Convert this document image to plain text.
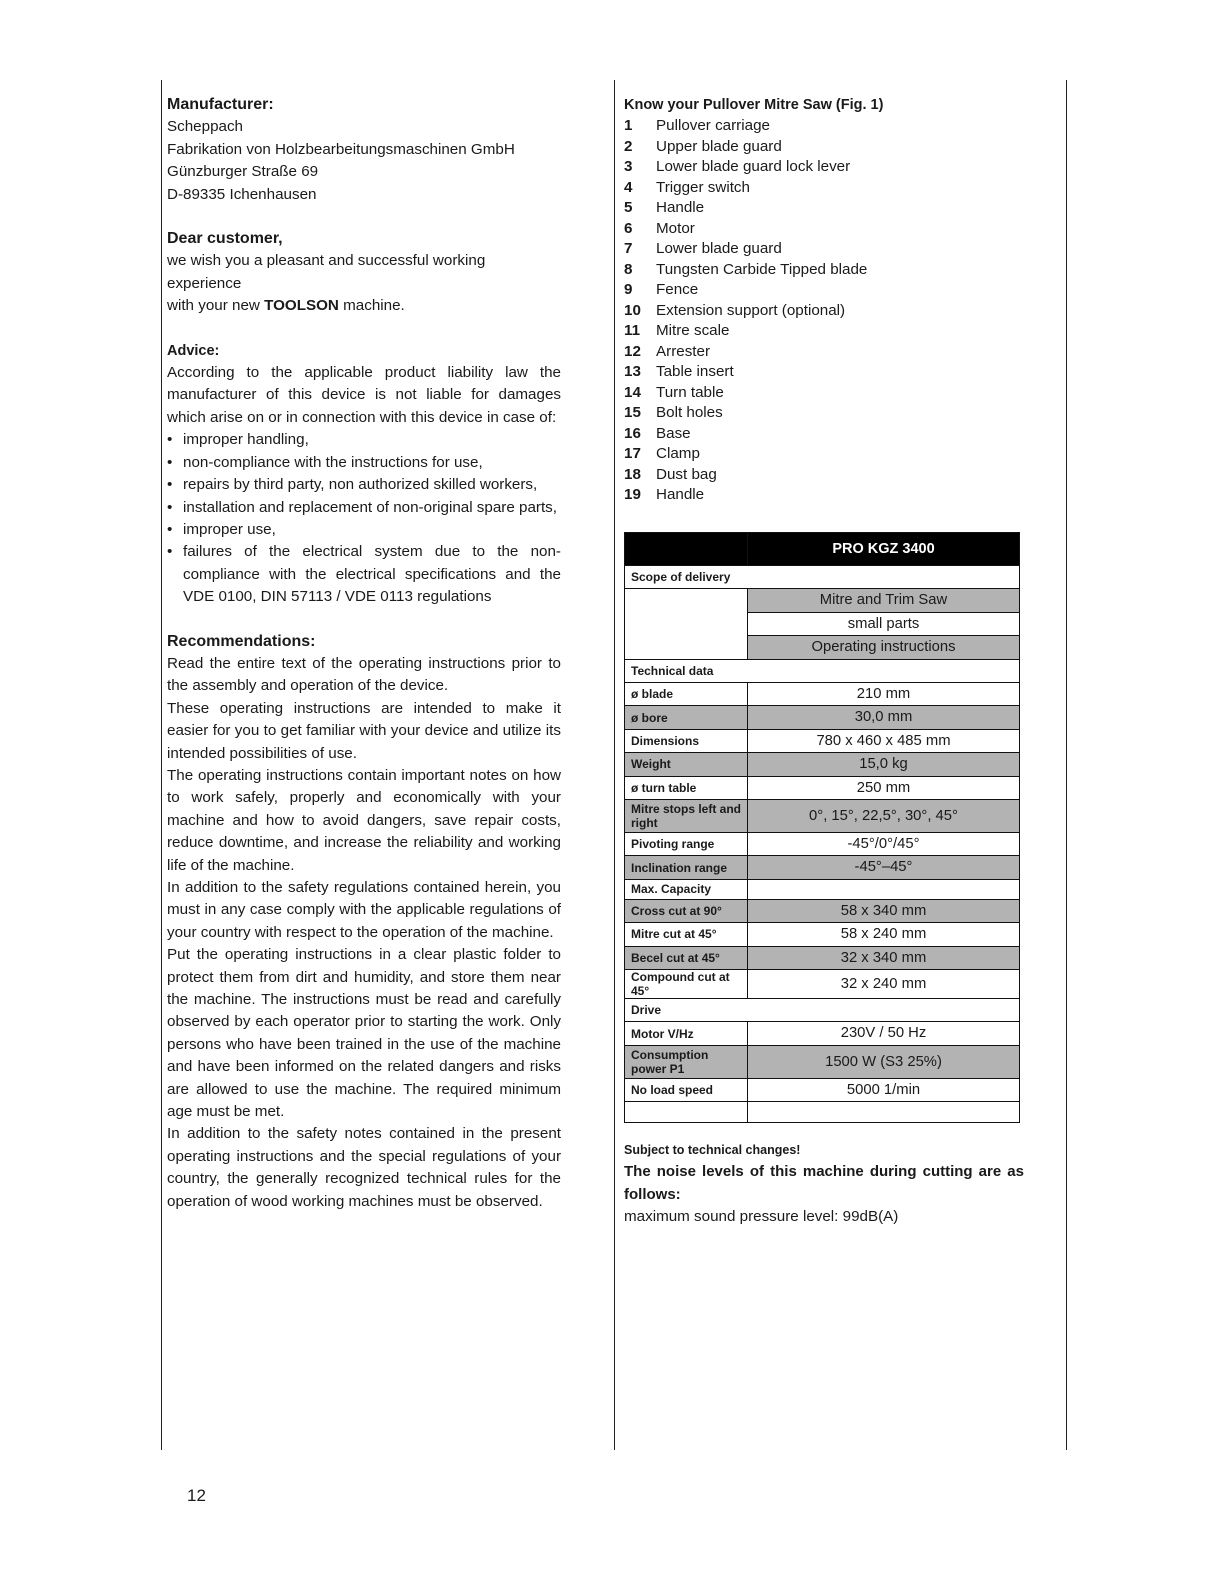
Manufacturer:

Scheppach

Fabrikation von Holzbearbeitungsmaschinen GmbH

Günzburger Straße 69

D-89335 Ichenhausen

Dear customer,

we wish you a pleasant and successful working experience

with your new TOOLSON machine.

Advice:

According to the applicable product liability law the manufacturer of this device is not liable for damages which arise on or in connection with this device in case of:

• improper handling,
• non-compliance with the instructions for use,
• repairs by third party, non authorized skilled workers,
• installation and replacement of non-original spare parts,
• improper use,
• failures of the electrical system due to the non-compliance with the electrical specifications and the VDE 0100, DIN 57113 / VDE 0113 regulations

Recommendations:

Read the entire text of the operating instructions prior to the assembly and operation of the device.

These operating instructions are intended to make it easier for you to get familiar with your device and utilize its intended possibilities of use.

The operating instructions contain important notes on how to work safely, properly and economically with your machine and how to avoid dangers, save repair costs, reduce downtime, and increase the reliability and working life of the machine.

In addition to the safety regulations contained herein, you must in any case comply with the applicable regulations of your country with respect to the operation of the machine.

Put the operating instructions in a clear plastic folder to protect them from dirt and humidity, and store them near the machine. The instructions must be read and carefully observed by each operator prior to starting the work. Only persons who have been trained in the use of the machine and have been informed on the related dangers and risks are allowed to use the machine. The required minimum age must be met.

In addition to the safety notes contained in the present operating instructions and the special regulations of your country, the generally recognized technical rules for the operation of wood working machines must be observed.

Know your Pullover Mitre Saw (Fig. 1)

1	Pullover carriage
2	Upper blade guard
3	Lower blade guard lock lever
4	Trigger switch
5	Handle
6	Motor
7	Lower blade guard
8	Tungsten Carbide Tipped blade
9	Fence
10 Extension support (optional)
11	Mitre scale
12 Arrester
13 Table insert
14 Turn table
15 Bolt holes
16 Base
17 Clamp
18 Dust bag
19 Handle
	PRO KGZ 3400
Scope of delivery	
	Mitre and Trim Saw
	small parts
	Operating instructions
Technical data	
ø blade	210 mm
ø bore	30,0 mm
Dimensions	780 x 460 x 485 mm
Weight	15,0 kg
ø turn table	250 mm
Mitre stops left and right	0°, 15°, 22,5°, 30°, 45°
Pivoting range	-45°/0°/45°
Inclination range	-45°–45°
Max. Capacity	
Cross cut at 90°	58 x 340 mm
Mitre cut at 45°	58 x 240 mm
Becel cut at 45°	32 x 340 mm
Compound cut at 45°	32 x 240 mm
Drive	
Motor V/Hz	230V / 50 Hz
Consumption power P1	1500 W (S3 25%)
No load speed	5000 1/min

Subject to technical changes!

The noise levels of this machine during cutting are as follows:

maximum sound pressure level: 99dB(A)

12
